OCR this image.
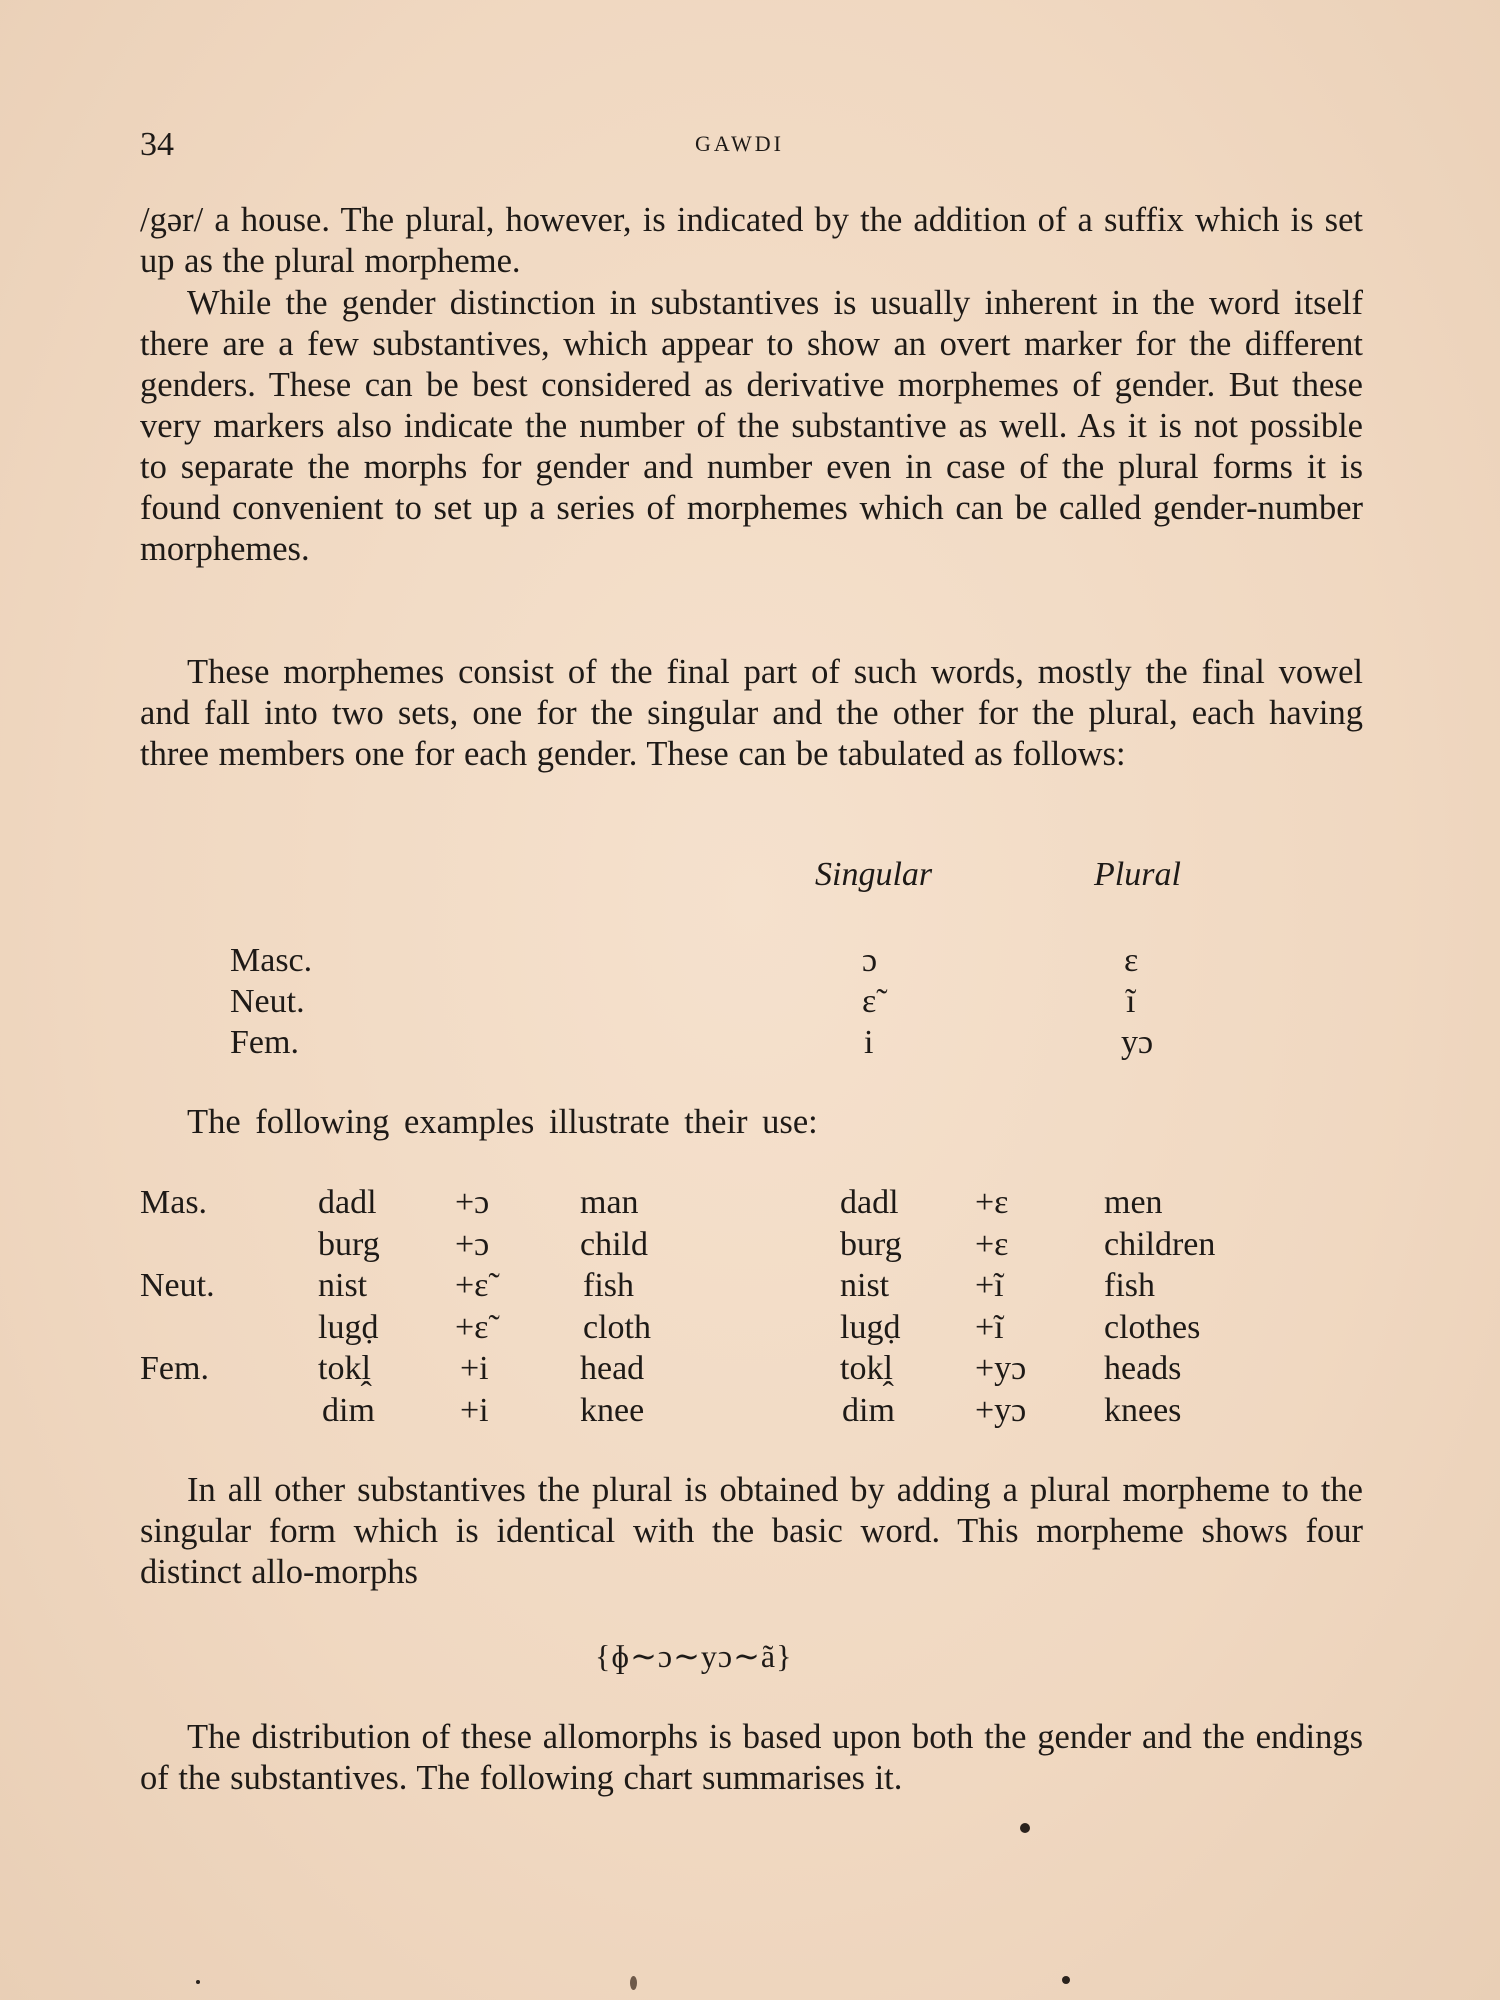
34	GAWDI
/gər/ a house. The plural, however, is indicated by the addition of a suffix which is set up as the plural morpheme.
While the gender distinction in substantives is usually inherent in the word itself there are a few substantives, which appear to show an overt marker for the different genders. These can be best considered as derivative morphemes of gender. But these very markers also indicate the number of the substantive as well. As it is not possible to separate the morphs for gender and number even in case of the plural forms it is found convenient to set up a series of morphemes which can be called gender-number morphemes.
These morphemes consist of the final part of such words, mostly the final vowel and fall into two sets, one for the singular and the other for the plural, each having three members one for each gender. These can be tabulated as follows:
Singular	Plural
Masc.	ɔ	ɛ
Neut.	ɛ̃	ĩ
Fem.	i	yɔ
The following examples illustrate their use:
Mas.	dadl +ɔ	man	dadl +ɛ	men
burg +ɔ	child	burg +ɛ	children
Neut.	nist	+ɛ̃	fish	nist	+ĩ	fish
lugḍ +ɛ̃	cloth	lugḍ +ĩ	clothes
Fem.	tokḽ	+i	head	tokḽ +yɔ heads
dim	+i	knee	dim +yɔ knees
In all other substantives the plural is obtained by adding a plural morpheme to the singular form which is identical with the basic word. This morpheme shows four distinct allo-morphs
{ɸ∼ɔ∼yɔ∼ã}
The distribution of these allomorphs is based upon both the gender and the endings of the substantives. The following chart summarises it.
